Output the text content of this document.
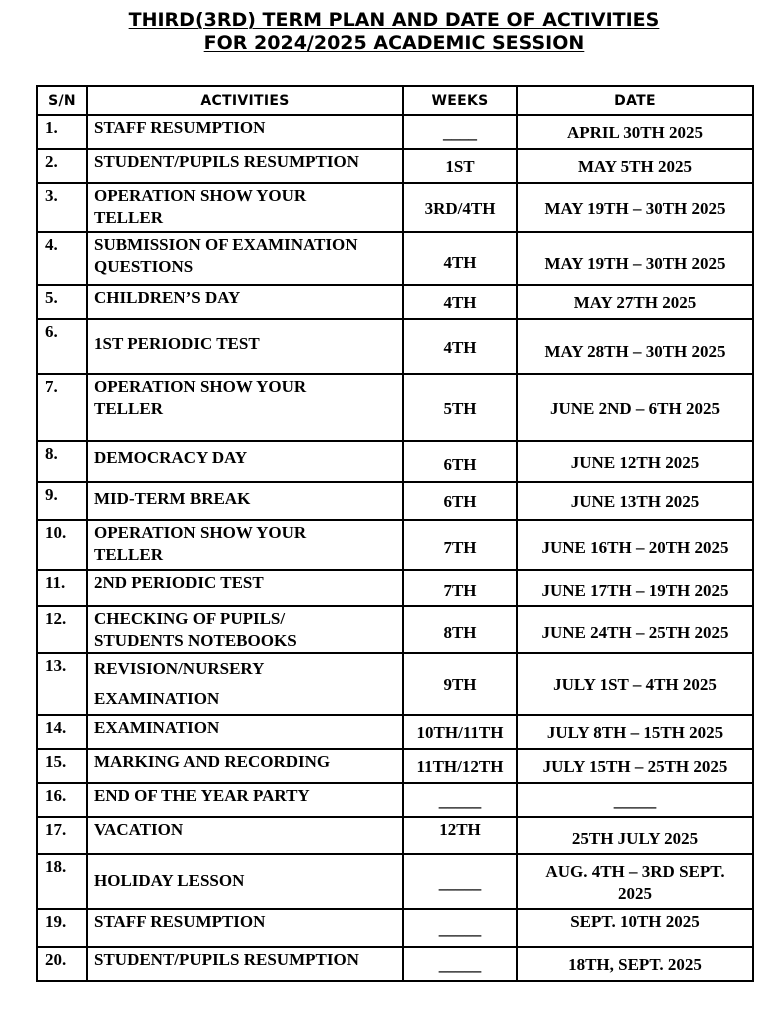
THIRD(3RD) TERM PLAN AND DATE OF ACTIVITIES
FOR 2024/2025 ACADEMIC SESSION
S/N	ACTIVITIES	WEEKS	DATE
1.	STAFF RESUMPTION	____	APRIL 30TH 2025
2.	STUDENT/PUPILS RESUMPTION	1ST	MAY 5TH 2025
3.	OPERATION SHOW YOUR
TELLER	3RD/4TH	MAY 19TH – 30TH 2025
4.	SUBMISSION OF EXAMINATION
QUESTIONS	4TH	MAY 19TH – 30TH 2025
5.	CHILDREN’S DAY	4TH	MAY 27TH 2025
6.	1ST PERIODIC TEST	4TH	MAY 28TH – 30TH 2025
7.	OPERATION SHOW YOUR
TELLER	5TH	JUNE 2ND – 6TH 2025
8.	DEMOCRACY DAY	6TH	JUNE 12TH 2025
9.	MID-TERM BREAK	6TH	JUNE 13TH 2025
10.	OPERATION SHOW YOUR
TELLER	7TH	JUNE 16TH – 20TH 2025
11.	2ND PERIODIC TEST	7TH	JUNE 17TH – 19TH 2025
12.	CHECKING OF PUPILS/
STUDENTS NOTEBOOKS	8TH	JUNE 24TH – 25TH 2025
13.	REVISION/NURSERY
EXAMINATION	9TH	JULY 1ST – 4TH 2025
14.	EXAMINATION	10TH/11TH	JULY 8TH – 15TH 2025
15.	MARKING AND RECORDING	11TH/12TH	JULY 15TH – 25TH 2025
16.	END OF THE YEAR PARTY	_____	_____
17.	VACATION	12TH	25TH JULY 2025
18.	HOLIDAY LESSON	_____	AUG. 4TH – 3RD SEPT.
2025

19.	STAFF RESUMPTION	_____	SEPT. 10TH 2025
20.	STUDENT/PUPILS RESUMPTION	_____	18TH, SEPT. 2025
